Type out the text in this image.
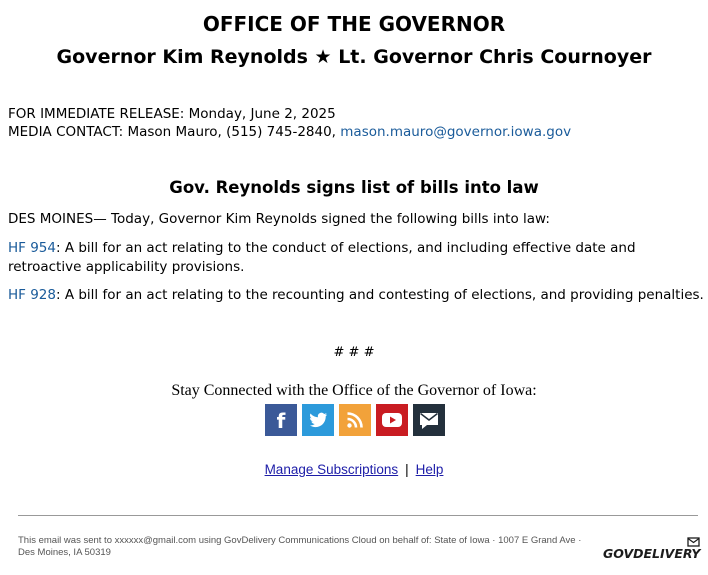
OFFICE OF THE GOVERNOR
Governor Kim Reynolds ★ Lt. Governor Chris Cournoyer
FOR IMMEDIATE RELEASE: Monday, June 2, 2025
MEDIA CONTACT: Mason Mauro, (515) 745-2840, mason.mauro@governor.iowa.gov
Gov. Reynolds signs list of bills into law
DES MOINES— Today, Governor Kim Reynolds signed the following bills into law:
HF 954: A bill for an act relating to the conduct of elections, and including effective date and retroactive applicability provisions.
HF 928: A bill for an act relating to the recounting and contesting of elections, and providing penalties.
# # #
Stay Connected with the Office of the Governor of Iowa:
f
Manage Subscriptions | Help
This email was sent to xxxxxx@gmail.com using GovDelivery Communications Cloud on behalf of: State of Iowa · 1007 E Grand Ave · Des Moines, IA 50319	GOVDELIVERY
